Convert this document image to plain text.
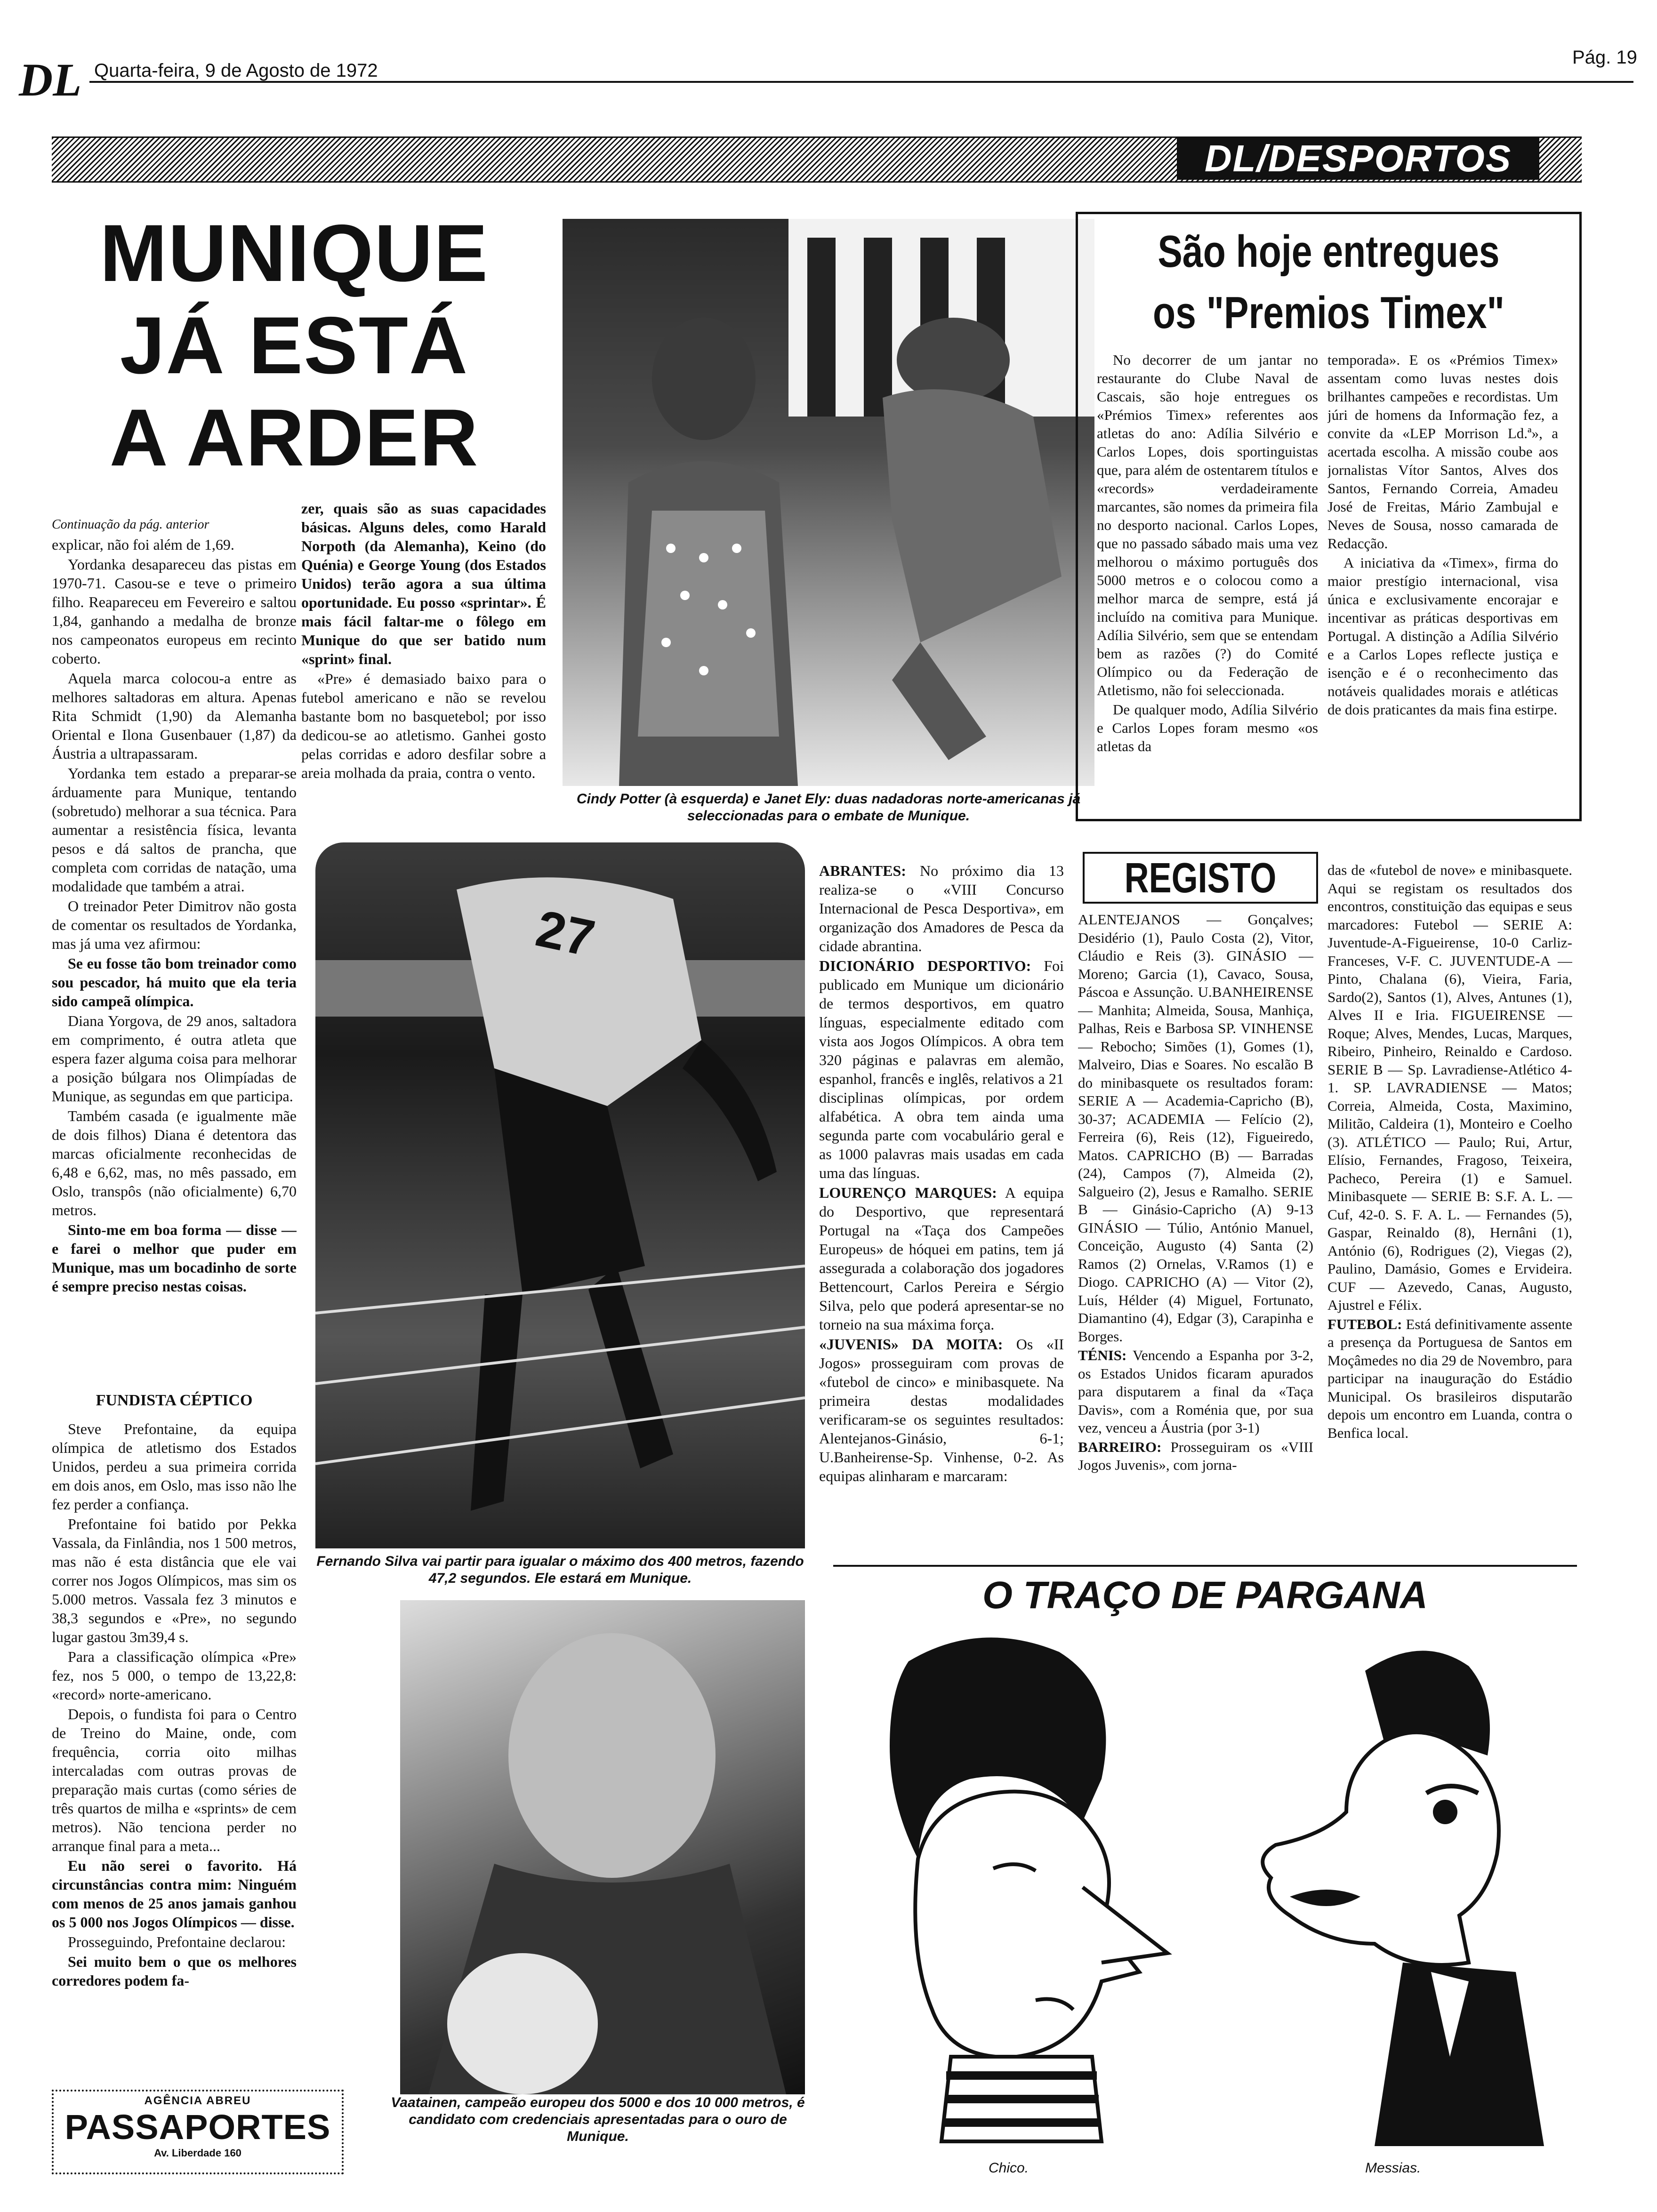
DL Quarta-feira, 9 de Agosto de 1972
Pág. 19
DL/DESPORTOS
MUNIQUE
JÁ ESTÁ
A ARDER

Continuação da pág. anterior

explicar, não foi além de 1,69.

Yordanka desapareceu das pistas em 1970-71. Casou-se e teve o primeiro filho. Reapareceu em Fevereiro e saltou 1,84, ganhando a medalha de bronze nos campeonatos europeus em recinto coberto.

Aquela marca colocou-a entre as melhores saltadoras em altura. Apenas Rita Schmidt (1,90) da Alemanha Oriental e Ilona Gusenbauer (1,87) da Áustria a ultrapassaram.

Yordanka tem estado a preparar-se árduamente para Munique, tentando (sobretudo) melhorar a sua técnica. Para aumentar a resistência física, levanta pesos e dá saltos de prancha, que completa com corridas de natação, uma modalidade que também a atrai.

O treinador Peter Dimitrov não gosta de comentar os resultados de Yordanka, mas já uma vez afirmou:

Se eu fosse tão bom treinador como sou pescador, há muito que ela teria sido campeã olímpica.

Diana Yorgova, de 29 anos, saltadora em comprimento, é outra atleta que espera fazer alguma coisa para melhorar a posição búlgara nos Olimpíadas de Munique, as segundas em que participa.

Também casada (e igualmente mãe de dois filhos) Diana é detentora das marcas oficialmente reconhecidas de 6,48 e 6,62, mas, no mês passado, em Oslo, transpôs (não oficialmente) 6,70 metros.

Sinto-me em boa forma — disse — e farei o melhor que puder em Munique, mas um bocadinho de sorte é sempre preciso nestas coisas.

FUNDISTA CÉPTICO

Steve Prefontaine, da equipa olímpica de atletismo dos Estados Unidos, perdeu a sua primeira corrida em dois anos, em Oslo, mas isso não lhe fez perder a confiança.

Prefontaine foi batido por Pekka Vassala, da Finlândia, nos 1 500 metros, mas não é esta distância que ele vai correr nos Jogos Olímpicos, mas sim os 5.000 metros. Vassala fez 3 minutos e 38,3 segundos e «Pre», no segundo lugar gastou 3m39,4 s.

Para a classificação olímpica «Pre» fez, nos 5 000, o tempo de 13,22,8: «record» norte-americano.

Depois, o fundista foi para o Centro de Treino do Maine, onde, com frequência, corria oito milhas intercaladas com outras provas de preparação mais curtas (como séries de três quartos de milha e «sprints» de cem metros). Não tenciona perder no arranque final para a meta...

Eu não serei o favorito. Há circunstâncias contra mim: Ninguém com menos de 25 anos jamais ganhou os 5 000 nos Jogos Olímpicos — disse.

Prosseguindo, Prefontaine declarou:

Sei muito bem o que os melhores corredores podem fa-

zer, quais são as suas capacidades básicas. Alguns deles, como Harald Norpoth (da Alemanha), Keino (do Quénia) e George Young (dos Estados Unidos) terão agora a sua última oportunidade. Eu posso «sprintar». É mais fácil faltar-me o fôlego em Munique do que ser batido num «sprint» final.

«Pre» é demasiado baixo para o futebol americano e não se revelou bastante bom no basquetebol; por isso dedicou-se ao atletismo. Ganhei gosto pelas corridas e adoro desfilar sobre a areia molhada da praia, contra o vento.

Cindy Potter (à esquerda) e Janet Ely: duas nadadoras norte-americanas já seleccionadas para o embate de Munique.
27
Fernando Silva vai partir para igualar o máximo dos 400 metros, fazendo 47,2 segundos. Ele estará em Munique.
Vaatainen, campeão europeu dos 5000 e dos 10 000 metros, é candidato com credenciais apresentadas para o ouro de Munique.
São hoje entregues
os "Premios Timex"

No decorrer de um jantar no restaurante do Clube Naval de Cascais, são hoje entregues os «Prémios Timex» referentes aos atletas do ano: Adília Silvério e Carlos Lopes, dois sportinguistas que, para além de ostentarem títulos e «records» verdadeiramente marcantes, são nomes da primeira fila no desporto nacional. Carlos Lopes, que no passado sábado mais uma vez melhorou o máximo português dos 5000 metros e o colocou como a melhor marca de sempre, está já incluído na comitiva para Munique. Adília Silvério, sem que se entendam bem as razões (?) do Comité Olímpico ou da Federação de Atletismo, não foi seleccionada.

De qualquer modo, Adília Silvério e Carlos Lopes foram mesmo «os atletas da

temporada». E os «Prémios Timex» assentam como luvas nestes dois brilhantes campeões e recordistas. Um júri de homens da Informação fez, a convite da «LEP Morrison Ld.ª», a acertada escolha. A missão coube aos jornalistas Vítor Santos, Alves dos Santos, Fernando Correia, Amadeu José de Freitas, Mário Zambujal e Neves de Sousa, nosso camarada de Redacção.

A iniciativa da «Timex», firma do maior prestígio internacional, visa única e exclusivamente encorajar e incentivar as práticas desportivas em Portugal. A distinção a Adília Silvério e a Carlos Lopes reflecte justiça e isenção e é o reconhecimento das notáveis qualidades morais e atléticas de dois praticantes da mais fina estirpe.

ABRANTES: No próximo dia 13 realiza-se o «VIII Concurso Internacional de Pesca Desportiva», em organização dos Amadores de Pesca da cidade abrantina.

DICIONÁRIO DESPORTIVO: Foi publicado em Munique um dicionário de termos desportivos, em quatro línguas, especialmente editado com vista aos Jogos Olímpicos. A obra tem 320 páginas e palavras em alemão, espanhol, francês e inglês, relativos a 21 disciplinas olímpicas, por ordem alfabética. A obra tem ainda uma segunda parte com vocabulário geral e as 1000 palavras mais usadas em cada uma das línguas.

LOURENÇO MARQUES: A equipa do Desportivo, que representará Portugal na «Taça dos Campeões Europeus» de hóquei em patins, tem já assegurada a colaboração dos jogadores Bettencourt, Carlos Pereira e Sérgio Silva, pelo que poderá apresentar-se no torneio na sua máxima força.

«JUVENIS» DA MOITA: Os «II Jogos» prosseguiram com provas de «futebol de cinco» e minibasquete. Na primeira destas modalidades verificaram-se os seguintes resultados: Alentejanos-Ginásio, 6-1; U.Banheirense-Sp. Vinhense, 0-2. As equipas alinharam e marcaram:

REGISTO

ALENTEJANOS — Gonçalves; Desidério (1), Paulo Costa (2), Vitor, Cláudio e Reis (3). GINÁSIO — Moreno; Garcia (1), Cavaco, Sousa, Páscoa e Assunção. U.BANHEIRENSE — Manhita; Almeida, Sousa, Manhiça, Palhas, Reis e Barbosa SP. VINHENSE — Rebocho; Simões (1), Gomes (1), Malveiro, Dias e Soares. No escalão B do minibasquete os resultados foram: SERIE A — Academia-Capricho (B), 30-37; ACADEMIA — Felício (2), Ferreira (6), Reis (12), Figueiredo, Matos. CAPRICHO (B) — Barradas (24), Campos (7), Almeida (2), Salgueiro (2), Jesus e Ramalho. SERIE B — Ginásio-Capricho (A) 9-13 GINÁSIO — Túlio, António Manuel, Conceição, Augusto (4) Santa (2) Ramos (2) Ornelas, V.Ramos (1) e Diogo. CAPRICHO (A) — Vitor (2), Luís, Hélder (4) Miguel, Fortunato, Diamantino (4), Edgar (3), Carapinha e Borges.

TÉNIS: Vencendo a Espanha por 3-2, os Estados Unidos ficaram apurados para disputarem a final da «Taça Davis», com a Roménia que, por sua vez, venceu a Áustria (por 3-1)

BARREIRO: Prosseguiram os «VIII Jogos Juvenis», com jorna-

das de «futebol de nove» e minibasquete. Aqui se registam os resultados dos encontros, constituição das equipas e seus marcadores: Futebol — SERIE A: Juventude-A-Figueirense, 10-0 Carliz-Franceses, V-F. C. JUVENTUDE-A — Pinto, Chalana (6), Vieira, Faria, Sardo(2), Santos (1), Alves, Antunes (1), Alves II e Iria. FIGUEIRENSE — Roque; Alves, Mendes, Lucas, Marques, Ribeiro, Pinheiro, Reinaldo e Cardoso. SERIE B — Sp. Lavradiense-Atlético 4-1. SP. LAVRADIENSE — Matos; Correia, Almeida, Costa, Maximino, Militão, Caldeira (1), Monteiro e Coelho (3). ATLÉTICO — Paulo; Rui, Artur, Elísio, Fernandes, Fragoso, Teixeira, Pacheco, Pereira (1) e Samuel. Minibasquete — SERIE B: S.F. A. L. — Cuf, 42-0. S. F. A. L. — Fernandes (5), Gaspar, Reinaldo (8), Hernâni (1), António (6), Rodrigues (2), Viegas (2), Paulino, Damásio, Gomes e Ervideira. CUF — Azevedo, Canas, Augusto, Ajustrel e Félix.

FUTEBOL: Está definitivamente assente a presença da Portuguesa de Santos em Moçâmedes no dia 29 de Novembro, para participar na inauguração do Estádio Municipal. Os brasileiros disputarão depois um encontro em Luanda, contra o Benfica local.

O TRAÇO DE PARGANA
Chico.	Messias.
AGÊNCIA ABREU
PASSAPORTES
Av. Liberdade 160
